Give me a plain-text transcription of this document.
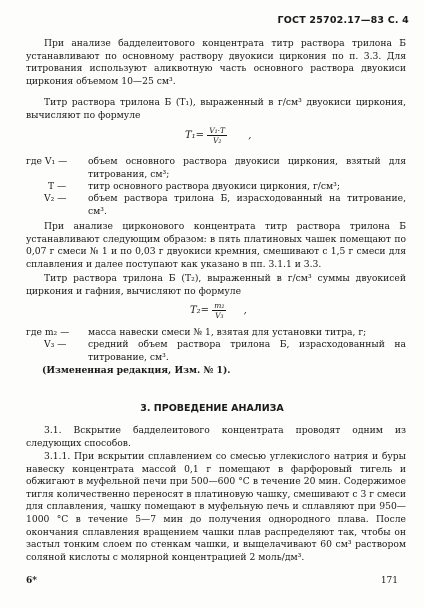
ГОСТ 25702.17—83 С. 4

При анализе бадделеитового концентрата титр раствора трилона Б устанавливают по основному раствору двуокиси циркония по п. 3.3. Для титрования используют аликвотную часть основного раствора двуокиси циркония объемом 10—25 см³.

Титр раствора трилона Б (T₁), выраженный в г/см³ двуокиси циркония, вычисляют по формуле

$T_1= \frac{\text{V₁·T}}{\text{V₂}}$ ,
где V₁ — объем основного раствора двуокиси циркония, взятый для титрования, см³;
T — титр основного раствора двуокиси циркония, г/см³;
V₂ — объем раствора трилона Б, израсходованный на титрование, см³.

При анализе цирконового концентрата титр раствора трилона Б устанавливают следующим образом: в пять платиновых чашек помещают по 0,07 г смеси № 1 и по 0,03 г двуокиси кремния, смешивают с 1,5 г смеси для сплавления и далее поступают как указано в пп. 3.1.1 и 3.3.

Титр раствора трилона Б (T₂), выраженный в г/см³ суммы двуокисей циркония и гафния, вычисляют по формуле

$T_2= \frac{\text{m₂}}{\text{V₃}}$ ,
где m₂ — масса навески смеси № 1, взятая для установки титра, г;
V₃ — средний объем раствора трилона Б, израсходованный на титрование, см³.
(Измененная редакция, Изм. № 1).
3. ПРОВЕДЕНИЕ АНАЛИЗА

3.1. Вскрытие бадделеитового концентрата проводят одним из следующих способов.

3.1.1. При вскрытии сплавлением со смесью углекислого натрия и буры навеску концентрата массой 0,1 г помещают в фарфоровый тигель и обжигают в муфельной печи при 500—600 °С в течение 20 мин. Содержимое тигля количественно переносят в платиновую чашку, смешивают с 3 г смеси для сплавления, чашку помещают в муфельную печь и сплавляют при 950—1000 °С в течение 5—7 мин до получения однородного плава. После окончания сплавления вращением чашки плав распределяют так, чтобы он застыл тонким слоем по стенкам чашки, и выщелачивают 60 см³ раствором соляной кислоты с молярной концентрацией 2 моль/дм³.

6*	171
